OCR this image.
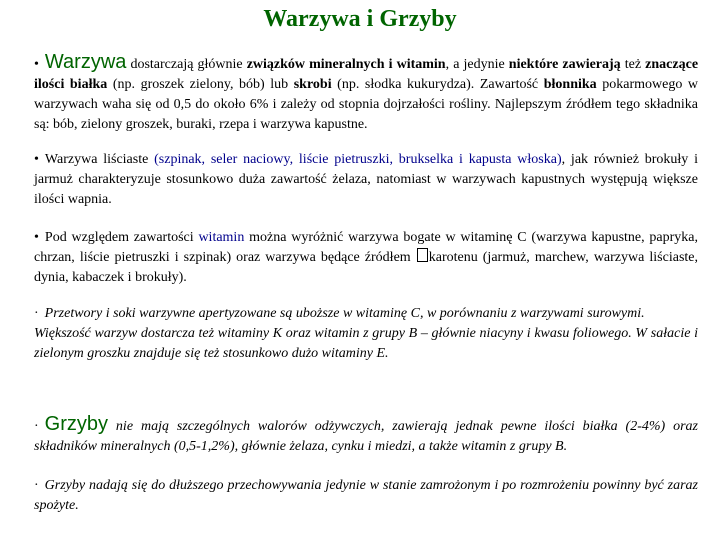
Warzywa i Grzyby
• Warzywa dostarczają głównie związków mineralnych i witamin, a jedynie niektóre zawierają też znaczące ilości białka (np. groszek zielony, bób) lub skrobi (np. słodka kukurydza). Zawartość błonnika pokarmowego w warzywach waha się od 0,5 do około 6% i zależy od stopnia dojrzałości rośliny. Najlepszym źródłem tego składnika są: bób, zielony groszek, buraki, rzepa i warzywa kapustne.
• Warzywa liściaste (szpinak, seler naciowy, liście pietruszki, brukselka i kapusta włoska), jak również brokuły i jarmuż charakteryzuje stosunkowo duża zawartość żelaza, natomiast w warzywach kapustnych występują większe ilości wapnia.
• Pod względem zawartości witamin można wyróżnić warzywa bogate w witaminę C (warzywa kapustne, papryka, chrzan, liście pietruszki i szpinak) oraz warzywa będące źródłem karotenu (jarmuż, marchew, warzywa liściaste, dynia, kabaczek i brokuły).
· Przetwory i soki warzywne apertyzowane są uboższe w witaminę C, w porównaniu z warzywami surowymi.
Większość warzyw dostarcza też witaminy K oraz witamin z grupy B – głównie niacyny i kwasu foliowego. W sałacie i zielonym groszku znajduje się też stosunkowo dużo witaminy E.
· Grzyby nie mają szczególnych walorów odżywczych, zawierają jednak pewne ilości białka (2-4%) oraz składników mineralnych (0,5-1,2%), głównie żelaza, cynku i miedzi, a także witamin z grupy B.
· Grzyby nadają się do dłuższego przechowywania jedynie w stanie zamrożonym i po rozmrożeniu powinny być zaraz spożyte.
